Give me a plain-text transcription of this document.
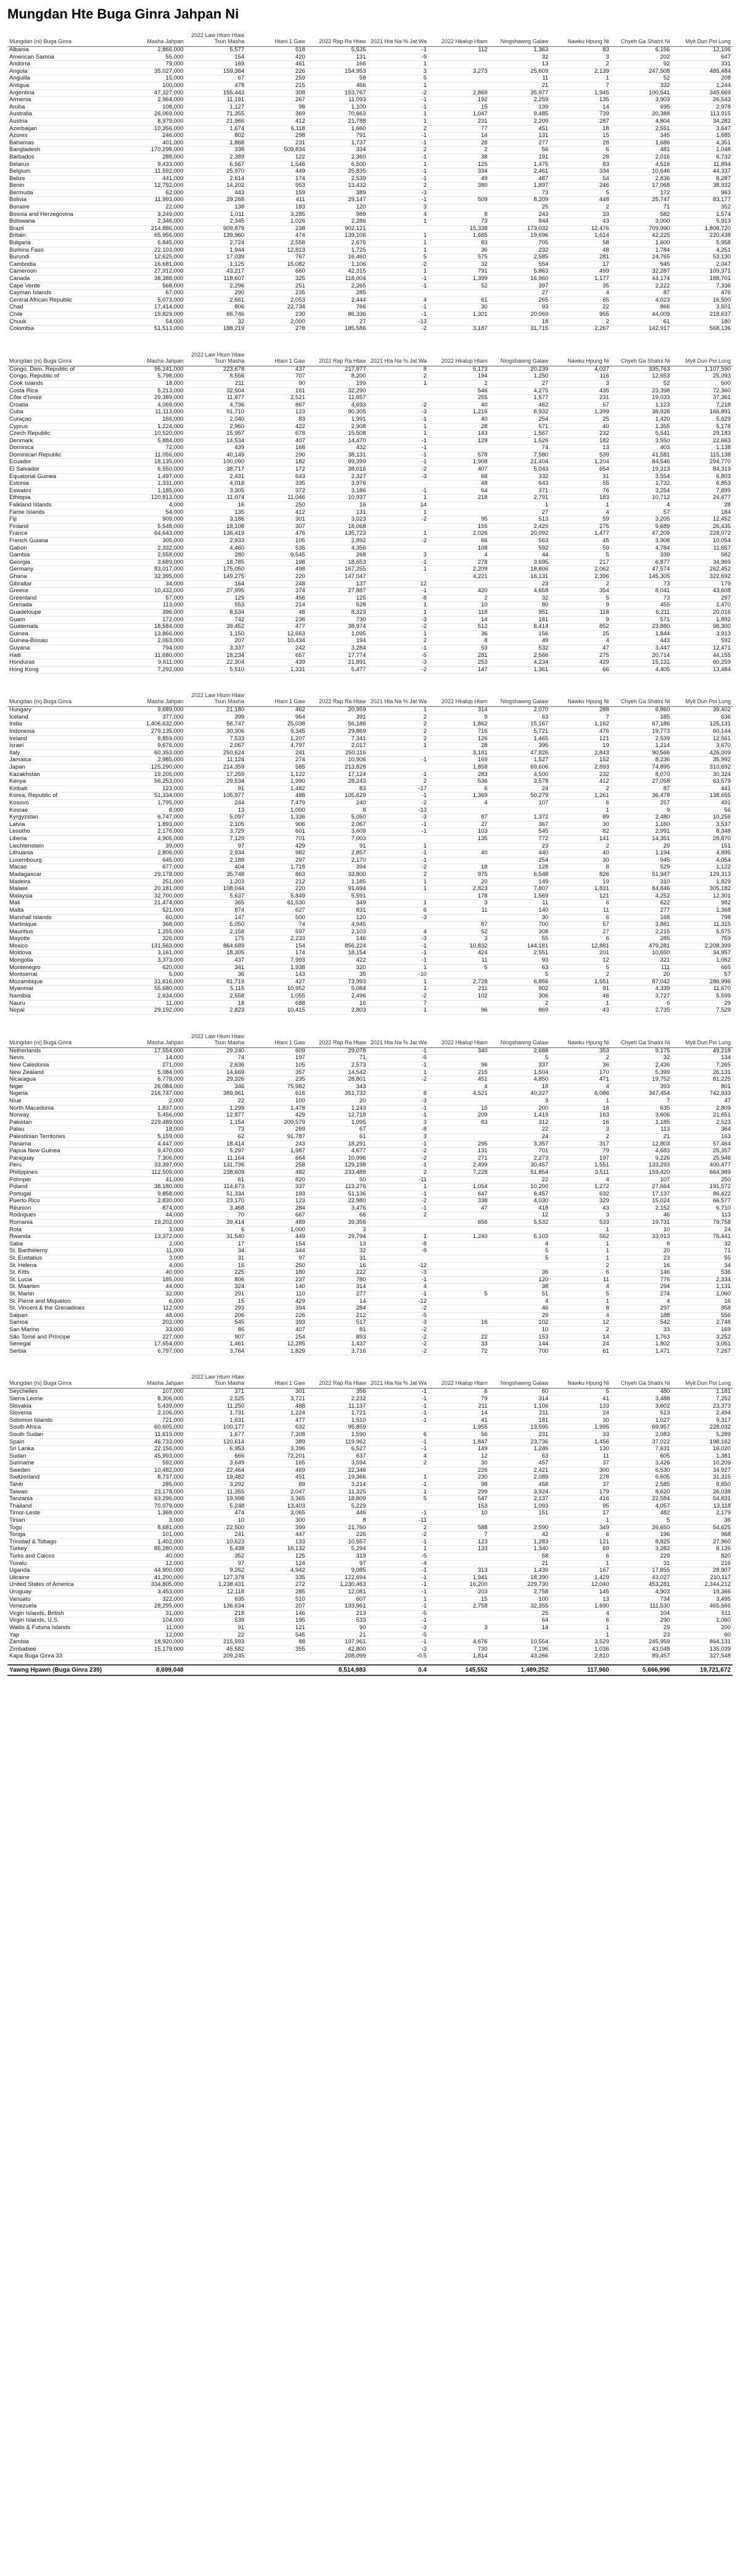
Mungdan Hte Buga Ginra Jahpan Ni
Mungdan (ni) Buga Ginra	Masha Jahpan	2022 Law Htum Htaw Tsun Masha	Htani 1 Gaw	2022 Rap Ra Htaw	2021 Hta Na % Jat Wa	2022 Hkalup Htam	Ningshawng Galaw	Nawku Hpung Ni	Chyeh Ga Shatni Ni	Myit Dun Poi Lung
Albania	2,866,000	5,577	518	5,535	-1	112	1,363	83	6,156	12,106
American Samoa	55,000	154	420	131	-9		32	3	202	647
Andorra	79,000	169	461	166	1		13	2	92	331
Angola	35,027,000	159,384	226	154,953	3	3,273	25,609	2,139	247,508	485,484
Anguilla	15,000	67	259	58	5		11	1	52	208
Antigua	100,000	478	215	466	1		21	7	332	1,244
Argentina	47,327,000	155,443	308	153,767	-2	2,869	35,977	1,945	100,541	345,669
Armenia	2,964,000	11,191	267	11,093	-1	192	2,259	135	3,903	26,543
Aruba	108,000	1,127	98	1,100	-1	15	139	14	695	2,978
Australia	26,069,000	71,355	369	70,663	1	1,047	9,485	739	20,388	113,915
Austria	8,979,000	21,966	412	21,788	1	231	2,209	287	4,804	34,282
Azerbaijan	10,356,000	1,674	6,118	1,660	2	77	451	18	2,551	3,647
Azores	246,000	802	298	791	-1	14	131	15	345	1,685
Bahamas	401,000	1,868	231	1,737	-1	28	277	28	1,686	4,351
Bangladesh	170,298,000	338	509,834	334	2	2	56	6	481	1,048
Barbados	288,000	2,389	122	2,360	-1	38	191	28	2,016	6,732
Belarus	9,433,000	6,567	1,546	6,500	1	125	1,475	83	4,516	11,894
Belgium	11,592,000	25,970	449	25,835	-1	334	2,461	334	10,646	44,337
Belize	441,000	2,614	174	2,539	-1	49	487	54	2,836	8,287
Benin	12,792,000	14,202	953	13,432	2	380	1,897	246	17,068	38,932
Bermuda	62,000	443	159	389	-3		73	5	172	963
Bolivia	11,993,000	29,268	411	29,147	-1	509	8,209	448	25,747	83,177
Bonaire	22,000	138	183	120	3		25	2	71	352
Bosnia and Herzegovina	3,249,000	1,011	3,285	989	4	8	243	33	582	1,574
Botswana	2,346,000	2,345	1,026	2,286	1	73	844	43	3,000	5,913
Brazil	214,886,000	909,879	238	902,121		15,338	173,032	12,476	709,990	1,808,720
Britain	65,956,000	139,960	474	139,106	1	1,665	19,696	1,614	42,225	220,438
Bulgaria	6,845,000	2,724	2,558	2,676	1	83	705	58	1,600	5,958
Burkina Faso	22,103,000	1,944	12,813	1,725	1	36	232	48	1,784	4,251
Burundi	12,625,000	17,039	767	16,460	5	575	2,585	281	24,765	53,130
Cambodia	16,681,000	1,125	15,082	1,106	-2	32	554	17	945	2,047
Cameroon	27,912,000	43,217	660	42,315	1	791	5,863	499	32,287	109,371
Canada	38,388,000	118,607	325	118,004	-1	1,399	16,960	1,177	44,174	188,701
Cape Verde	568,000	2,296	251	2,265	-1	52	397	35	2,222	7,336
Cayman Islands	67,000	290	235	285			27	4	87	476
Central African Republic	5,073,000	2,661	2,053	2,444	4	61	265	65	4,023	16,500
Chad	17,414,000	806	22,734	766	-1	30	93	22	866	3,501
Chile	19,829,000	66,746	230	86,336	-1	1,301	20,069	955	44,009	218,637
Chuuk	54,000	32	2,000	27	-13		18	2	61	180
Colombia	51,513,000	188,219	278	185,586	-2	3,187	31,715	2,267	142,917	568,136
Mungdan (ni) Buga Ginra	Masha Jahpan	2022 Law Htum Htaw Tsun Masha	Htani 1 Gaw	2022 Rap Ra Htaw	2021 Hta Na % Jat Wa	2022 Hkalup Htam	Ningshawng Galaw	Nawku Hpung Ni	Chyeh Ga Shatni Ni	Myit Dun Poi Lung
Congo, Dem. Republic of	95,241,000	223,678	437	217,977	8	5,173	20,239	4,037	335,763	1,107,590
Congo, Republic of	5,798,000	8,556	707	8,200	2	194	1,250	116	12,653	25,093
Cook Islands	18,000	211	90	199	1	2	27	3	52	500
Costa Rica	5,213,000	32,504	161	32,290		546	4,275	435	23,398	72,360
Côte d'Ivoire	29,389,000	11,877	2,521	11,657		255	1,577	231	19,033	37,361
Croatia	4,069,000	4,736	867	4,693	-2	40	462	57	1,123	7,218
Cuba	11,113,000	91,710	123	90,305	-3	1,216	8,932	1,399	38,928	166,891
Curaçao	166,000	2,040	83	1,991	-1	40	254	25	1,420	5,629
Cyprus	1,224,000	2,960	422	2,908	1	28	571	40	1,355	5,178
Czech Republic	10,520,000	15,957	678	15,508	1	143	1,567	232	5,541	29,183
Denmark	5,884,000	14,534	407	14,470	-1	129	1,526	182	3,550	22,663
Dominica	72,000	439	168	432	-1		74	13	403	1,138
Dominican Republic	11,056,000	40,149	290	38,131	-1	578	7,580	539	41,581	115,138
Ecuador	18,135,000	100,090	182	99,399	-1	1,908	21,404	1,204	84,546	294,770
El Salvador	6,550,000	38,717	172	38,016	-2	407	5,043	654	19,313	84,319
Equatorial Guinea	1,497,000	2,431	643	2,327	-3	68	332	31	3,554	6,803
Estonia	1,331,000	4,018	335	3,976		48	643	55	1,732	6,853
Eswatini	1,185,000	3,305	372	3,186	-1	64	371	76	3,254	7,899
Ethiopia	120,813,000	11,074	11,046	10,937	1	218	2,791	183	10,712	24,477
Falkland Islands	4,000	16	250	16	14		1	1	4	28
Faroe Islands	54,000	135	412	131	1		27	4	57	184
Fiji	909,000	3,186	301	3,023	-2	95	513	59	3,205	12,452
Finland	5,548,000	18,108	307	18,068		155	2,429	275	9,689	26,435
France	64,643,000	136,419	476	135,723	1	2,026	20,092	1,477	47,209	228,072
French Guiana	305,000	2,933	105	2,892	-2	66	563	45	3,908	10,054
Gabon	2,332,000	4,460	535	4,356		108	592	59	4,784	11,657
Gambia	2,558,000	280	9,545	268	3	4	44	5	339	582
Georgia	3,689,000	18,785	198	18,653	-1	278	3,695	217	6,877	34,969
Germany	83,017,000	175,050	498	167,255	1	2,209	18,806	2,062	47,574	262,452
Ghana	32,395,000	149,275	220	147,047		4,221	16,131	2,396	145,305	322,692
Gibraltar	34,000	164	248	137	12		23	2	73	179
Greece	10,432,000	27,995	374	27,887	-1	420	4,658	354	8,041	43,608
Greenland	57,000	129	456	125	-8	2	32	5	73	297
Grenada	113,000	553	214	528	1	10	80	9	455	1,470
Guadeloupe	396,000	8,534	48	8,323	1	118	951	118	6,211	20,016
Guam	172,000	742	236	730	-3	14	181	9	571	1,892
Guatemala	18,584,000	39,452	477	38,974	-2	512	8,414	852	23,880	98,300
Guinea	13,866,000	1,150	12,663	1,095	1	36	156	25	1,844	3,913
Guinea-Bissau	2,063,000	207	10,434	194	2	8	49	4	443	592
Guyana	794,000	3,337	242	3,284	-1	53	532	47	3,447	12,471
Haiti	11,680,000	18,234	657	17,774	-5	281	2,566	275	20,714	44,155
Honduras	9,611,000	22,304	439	21,891	-3	253	4,234	429	15,131	60,259
Hong Kong	7,292,000	5,510	1,331	5,477	-2	147	1,361	66	4,405	13,484
Mungdan (ni) Buga Ginra	Masha Jahpan	2022 Law Htum Htaw Tsun Masha	Htani 1 Gaw	2022 Rap Ra Htaw	2021 Hta Na % Jat Wa	2022 Hkalup Htam	Ningshawng Galaw	Nawku Hpung Ni	Chyeh Ga Shatni Ni	Myit Dun Poi Lung
Hungary	9,689,000	21,180	462	20,959	1	314	2,070	288	6,860	39,402
Iceland	377,000	399	964	391	2	9	63	7	185	636
India	1,406,632,000	56,747	25,038	56,186	2	1,862	15,167	1,162	67,186	125,131
Indonesia	279,135,000	30,306	9,345	29,869	2	716	5,721	476	19,773	60,144
Ireland	8,859,000	7,533	1,207	7,341	2	126	1,465	121	2,539	12,561
Israel	9,676,000	2,067	4,797	2,017	1	28	395	19	1,214	3,670
Italy	60,353,000	250,624	241	250,116		3,181	47,826	2,843	90,566	426,009
Jamaica	2,985,000	11,124	274	10,906	-1	169	1,527	152	8,236	35,992
Japan	125,290,000	214,359	585	213,828		1,858	69,606	2,893	74,895	310,692
Kazakhstan	19,205,000	17,259	1,122	17,124	-1	283	4,500	232	8,070	30,324
Kenya	56,253,000	29,534	1,990	28,243	2	536	3,578	412	27,058	63,579
Kiribati	123,000	91	1,482	83	-17	6	24	2	87	441
Korea, Republic of	51,334,000	105,977	488	105,629	-1	1,369	50,279	1,261	36,478	138,655
Kosovo	1,795,000	244	7,479	240	-2	4	107	6	257	491
Kosrae	8,000	13	1,000	8	-13			1	9	56
Kyrgyzstan	6,747,000	5,097	1,336	5,050	-3	87	1,372	89	2,480	10,256
Latvia	1,893,000	2,105	906	2,067	-1	27	367	30	1,160	3,537
Lesotho	2,176,000	3,729	601	3,609	-1	103	545	82	2,991	8,348
Liberia	4,905,000	7,129	701	7,003		135	772	141	14,351	28,870
Liechtenstein	39,000	97	429	91	1		23	2	29	151
Lithuania	2,806,000	2,934	982	2,857	-1	40	440	40	1,194	4,895
Luxembourg	645,000	2,188	297	2,170	-1		254	30	945	4,054
Macao	677,000	404	1,718	394	-2	18	128	8	529	1,122
Madagascar	29,178,000	35,748	863	33,800	2	975	6,548	826	51,947	129,313
Madeira	251,000	1,203	212	1,185	1	20	149	19	310	1,829
Malawi	20,181,000	108,044	220	91,694	1	2,823	7,807	1,831	84,846	305,182
Malaysia	32,700,000	5,637	5,849	5,591		178	1,569	121	4,252	12,301
Mali	21,474,000	365	61,530	349	1	3	11	6	622	982
Malta	521,000	874	627	831	6	11	140	11	277	1,368
Marshall Islands	60,000	147	500	120	-3		30	6	168	798
Martinique	368,000	5,050	74	4,945		87	700	57	3,881	11,315
Mauritius	1,255,000	2,158	597	2,103	4	52	308	27	2,215	5,575
Mayotte	326,000	175	2,233	146	-3	3	55	6	285	759
Mexico	131,563,000	864,689	154	856,224	-1	10,832	144,181	12,881	479,281	2,208,399
Moldova	3,161,000	18,305	174	18,154	-1	424	2,551	201	10,650	34,957
Mongolia	3,373,000	437	7,993	422	-1	11	93	12	321	1,062
Montenegro	620,000	341	1,938	320	1	5	63	5	111	665
Montserrat	5,000	36	143	35	-10		5	2	20	57
Mozambique	31,616,000	81,719	427	73,993	1	2,728	6,856	1,551	87,042	286,996
Myanmar	55,680,000	5,115	10,952	5,084	1	211	902	91	4,339	11,670
Namibia	2,634,000	2,558	1,055	2,496	-2	102	306	46	3,727	5,599
Nauru	11,000	18	688	16	7		2	1	6	29
Nepal	29,192,000	2,823	10,415	2,803	1	96	869	43	2,735	7,529
Mungdan (ni) Buga Ginra	Masha Jahpan	2022 Law Htum Htaw Tsun Masha	Htani 1 Gaw	2022 Rap Ra Htaw	2021 Hta Na % Jat Wa	2022 Hkalup Htam	Ningshawng Galaw	Nawku Hpung Ni	Chyeh Ga Shatni Ni	Myit Dun Poi Lung
Netherlands	17,554,000	29,240	609	29,078	-1	340	2,688	353	9,175	49,218
Nevis	14,000	74	197	71	-5		5	2	32	134
New Caledonia	271,000	2,636	105	2,573	-1	96	337	36	2,436	7,265
New Zealand	5,084,000	14,669	357	14,542	1	215	1,504	170	5,399	26,131
Nicaragua	6,779,000	29,326	235	28,801	-2	451	4,850	471	19,752	81,225
Niger	26,084,000	346	75,982	343		4	18	4	393	801
Nigeria	216,747,000	389,961	616	351,732	8	4,521	40,227	6,086	347,454	742,933
Niue	2,000	22	100	20	-3		3	1	7	47
North Macedonia	1,837,000	1,299	1,478	1,243	-1	15	200	18	635	2,809
Norway	5,456,000	12,877	429	12,718	-1	209	1,419	163	3,606	21,651
Pakistan	229,489,000	1,154	209,579	1,095	3	83	312	16	1,185	2,523
Palau	18,000	73	269	67	-8		22	3	113	364
Palestinian Territories	5,159,000	62	91,787	61	3		24	2	21	163
Panama	4,447,000	18,414	243	18,291	-1	295	3,357	317	12,803	57,464
Papua New Guinea	9,470,000	5,297	1,987	4,677	-2	131	701	79	4,683	25,357
Paraguay	7,306,000	11,164	664	10,996	-2	271	2,273	197	9,226	25,946
Peru	33,397,000	131,736	258	129,198	-1	2,499	30,457	1,551	133,293	400,477
Philippines	112,509,000	238,609	482	233,488	2	7,228	51,854	3,511	159,420	664,989
Pohnpei	41,000	61	820	50	-11		22	4	107	250
Poland	38,180,000	114,673	337	113,276	1	1,054	10,200	1,272	27,664	191,572
Portugal	9,858,000	51,334	193	51,136	-1	647	6,457	632	17,137	86,422
Puerto Rico	2,830,000	23,170	123	22,980	-2	338	4,030	329	15,024	66,577
Réunion	874,000	3,468	284	3,476	-1	47	418	43	2,152	6,710
Rodrigues	44,000	70	667	66	2		12	3	46	113
Romania	19,202,000	39,414	489	39,356		656	5,532	533	19,731	79,758
Rota	3,000	6	1,000	3				1	10	24
Rwanda	13,372,000	31,540	449	29,794	1	1,240	5,103	562	33,913	76,441
Saba	2,000	17	154	13	-8		4	1	8	32
St. Barthélemy	11,000	34	344	32	-9		5	1	20	71
St. Eustatius	3,000	31	97	31			5	1	23	55
St. Helena	4,000	16	250	16	-12			2	16	34
St. Kitts	40,000	225	180	222	-3		36	6	146	536
St. Lucia	185,000	806	237	780	-1		120	11	776	2,334
St. Maarten	44,000	324	140	314	4		38	4	294	1,131
St. Martin	32,000	291	110	277	-1	5	51	5	274	1,060
St. Pierre and Miquelon	6,000	15	429	14	-12		4	1	4	16
St. Vincent & the Grenadines	112,000	293	394	284	-2		46	8	297	958
Saipan	48,000	206	226	212	-5		29	4	188	556
Samoa	203,000	545	393	517	-3	16	102	12	542	2,748
San Marino	33,000	86	407	81	-2		10	2	33	169
São Tomé and Príncipe	227,000	907	254	893	-2	22	153	14	1,763	3,252
Senegal	17,654,000	1,461	12,285	1,437	-2	33	144	24	1,802	3,051
Serbia	6,797,000	3,764	1,829	3,716	-2	72	700	61	1,471	7,267
Mungdan (ni) Buga Ginra	Masha Jahpan	2022 Law Htum Htaw Tsun Masha	Htani 1 Gaw	2022 Rap Ra Htaw	2021 Hta Na % Jat Wa	2022 Hkalup Htam	Ningshawng Galaw	Nawku Hpung Ni	Chyeh Ga Shatni Ni	Myit Dun Poi Lung
Seychelles	107,000	371	301	356	-1	6	60	5	480	1,181
Sierra Leone	8,306,000	2,525	3,721	2,232	-1	79	314	41	3,488	7,252
Slovakia	5,439,000	11,250	488	11,137	-1	211	1,106	133	3,602	23,373
Slovenia	2,106,000	1,731	1,224	1,721	-1	14	211	24	513	2,494
Solomon Islands	721,000	1,631	477	1,510	-1	41	181	30	1,027	9,317
South Africa	60,605,000	100,177	632	95,859		1,955	13,595	1,995	69,957	228,032
South Sudan	11,619,000	1,677	7,308	1,590	6	56	231	33	2,083	5,289
Spain	46,733,000	120,614	389	119,962	-1	1,847	23,736	1,456	37,022	198,162
Sri Lanka	22,156,000	6,953	3,396	6,527	-1	149	1,246	130	7,631	16,020
Sudan	45,993,000	666	72,201	637	4	12	63	11	605	1,381
Suriname	592,000	3,649	165	3,594	2	30	457	37	3,426	10,209
Sweden	10,482,000	22,464	469	22,346		226	2,421	300	6,530	34,927
Switzerland	8,737,000	19,482	451	19,366	1	230	2,089	278	6,605	31,315
Tahiti	285,000	3,292	89	3,214	-1	98	458	37	2,585	8,650
Taiwan	23,178,000	11,355	2,047	11,325	1	299	3,924	179	8,620	26,038
Tanzania	63,296,000	19,998	3,365	18,809	5	547	2,137	416	22,584	54,831
Thailand	70,079,000	5,248	13,403	5,229		153	1,093	95	4,057	13,118
Timor-Leste	1,368,000	474	3,065	446	-1	10	151	17	482	2,179
Tinian	3,000	10	300	8	-11			1	5	36
Togo	8,681,000	22,500	399	21,760	2	588	2,590	349	26,650	54,625
Tonga	101,000	241	447	226	-2	7	42	6	196	968
Trinidad & Tobago	1,402,000	10,623	133	10,557	-1	123	1,283	121	8,825	27,960
Turkey	85,280,000	5,438	16,132	5,294	1	133	1,340	69	3,282	8,126
Turks and Caicos	40,000	352	125	319	-5		58	6	229	820
Tuvalu	12,000	97	124	97	-4		21	1	31	216
Uganda	44,900,000	9,262	4,942	9,085	-1	313	1,439	167	17,855	28,907
Ukraine	41,200,000	127,378	335	122,694	-1	1,941	18,390	1,429	43,027	210,117
United States of America	334,805,000	1,238,431	272	1,230,463	-1	16,200	229,730	12,040	453,281	2,344,212
Uruguay	3,453,000	12,118	285	12,081	-1	203	2,758	145	4,903	19,366
Vanuatu	322,000	635	510	607	1	15	100	13	734	3,495
Venezuela	28,295,000	136,634	207	133,961	-1	2,758	32,355	1,690	111,530	465,666
Virgin Islands, British	31,000	218	146	213	-5		25	4	104	511
Virgin Islands, U.S.	104,000	539	195	533	-1		64	6	290	1,060
Wallis & Futuna Islands	11,000	91	121	90	-3	3	14	1	29	200
Yap	12,000	22	545	21	-5			1	23	60
Zambia	18,920,000	215,593	88	197,961	-1	4,676	10,554	3,529	245,959	864,131
Zimbabwe	15,179,000	45,582	355	42,800	-3	730	7,196	1,036	43,048	135,039
Kapa Buga Ginra 33		209,245		208,099	-0.5	1,814	43,266	2,810	89,457	327,548
Yawng Hpawn (Buga Ginra 239)	8,699,048			8,514,983	0.4	145,552	1,489,252	117,960	5,666,996	19,721,672
